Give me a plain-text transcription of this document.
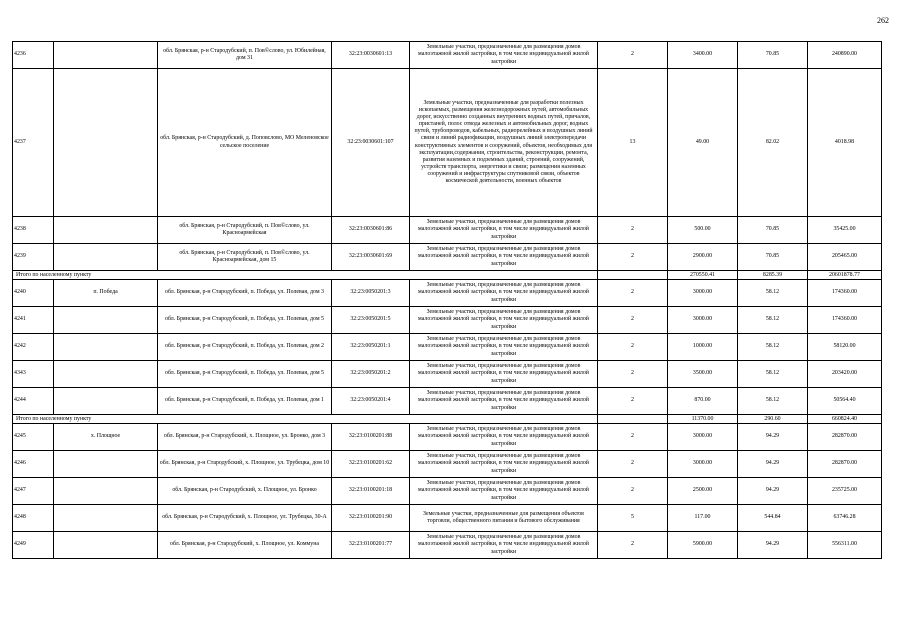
262
4236		обл. Брянская, р-н Стародубский, п. Пов©слово, ул. Юбилейная, дом 31	32:23:0030601:13	Земельные участки, предназначенные для размещения домов малоэтажной жилой застройки, в том числе индивидуальной жилой застройки	2	3400.00	70.85	240890.00
4237		обл. Брянская, р-н Стародубский, д. Поповслово, МО Меленовское сельское поселение	32:23:0030601:107	Земельные участки, предназначенные для разработки полезных ископаемых, размещения железнодорожных путей, автомобильных дорог, искусственно созданных внутренних водных путей, причалов, пристаней, полос отвода железных и автомобильных дорог, водных путей, трубопроводов, кабельных, радиорелейных и воздушных линий связи и линий радиофикации, воздушных линий электропередачи конструктивных элементов и сооружений, объектов, необходимых для эксплуатации,содержания, строительства, реконструкции, ремонта, развития наземных и подземных зданий, строений, сооружений, устройств транспорта, энергетики и связи; размещения наземных сооружений и инфраструктуры спутниковой связи, объектов космической деятельности, военных объектов	13	49.00	82.02	4018.98
4238		обл. Брянская, р-н Стародубский, п. Пов©слово, ул. Красноармейская	32:23:0030601:86	Земельные участки, предназначенные для размещения домов малоэтажной жилой застройки, в том числе индивидуальной жилой застройки	2	500.00	70.85	35425.00
4239		обл. Брянская, р-н Стародубский, п. Пов©слово, ул. Красноармейская, дом 15	32:23:0030601:69	Земельные участки, предназначенные для размещения домов малоэтажной жилой застройки, в том числе индивидуальной жилой застройки	2	2900.00	70.85	205465.00
Итого по населенному пункту						270550.41	8285.39	20601878.77
4240	п. Победа	обл. Брянская, р-н Стародубский, п. Победа, ул. Полевая, дом 3	32:23:0050201:3	Земельные участки, предназначенные для размещения домов малоэтажной жилой застройки, в том числе индивидуальной жилой застройки	2	3000.00	58.12	174360.00
4241		обл. Брянская, р-н Стародубский, п. Победа, ул. Полевая, дом 5	32:23:0050201:5	Земельные участки, предназначенные для размещения домов малоэтажной жилой застройки, в том числе индивидуальной жилой застройки	2	3000.00	58.12	174360.00
4242		обл. Брянская, р-н Стародубский, п. Победа, ул. Полевая, дом 2	32:23:0050201:1	Земельные участки, предназначенные для размещения домов малоэтажной жилой застройки, в том числе индивидуальной жилой застройки	2	1000.00	58.12	58120.00
4343		обл. Брянская, р-н Стародубский, п. Победа, ул. Полевая, дом 5	32:23:0050201:2	Земельные участки, предназначенные для размещения домов малоэтажной жилой застройки, в том числе индивидуальной жилой застройки	2	3500.00	58.12	203420.00
4244		обл. Брянская, р-н Стародубский, п. Победа, ул. Полевая, дом 1	32:23:0050201:4	Земельные участки, предназначенные для размещения домов малоэтажной жилой застройки, в том числе индивидуальной жилой застройки	2	870.00	58.12	50564.40
Итого по населенному пункту						11370.00	290.60	660824.40
4245	х. Площное	обл. Брянская, р-н Стародубский, х. Площное, ул. Бронко, дом 3	32:23:0100201:88	Земельные участки, предназначенные для размещения домов малоэтажной жилой застройки, в том числе индивидуальной жилой застройки	2	3000.00	94.29	282870.00
4246		обл. Брянская, р-н Стародубский, х. Площное, ул. Трубецка, дом 10	32:23:0100201:62	Земельные участки, предназначенные для размещения домов малоэтажной жилой застройки, в том числе индивидуальной жилой застройки	2	3000.00	94.29	282870.00
4247		обл. Брянская, р-н Стародубский, х. Площное, ул. Бронко	32:23:0100201:18	Земельные участки, предназначенные для размещения домов малоэтажной жилой застройки, в том числе индивидуальной жилой застройки	2	2500.00	94.29	235725.00
4248		обл. Брянская, р-н Стародубский, х. Площное, ул. Трубецка, 30-А	32:23:0100201:90	Земельные участки, предназначенные для размещения объектов торговли, общественного питания и бытового обслуживания	5	117.00	544.84	63746.28
4249		обл. Брянская, р-н Стародубский, х. Площное, ул. Коммуна	32:23:0100201:77	Земельные участки, предназначенные для размещения домов малоэтажной жилой застройки, в том числе индивидуальной жилой застройки	2	5900.00	94.29	556311.00
